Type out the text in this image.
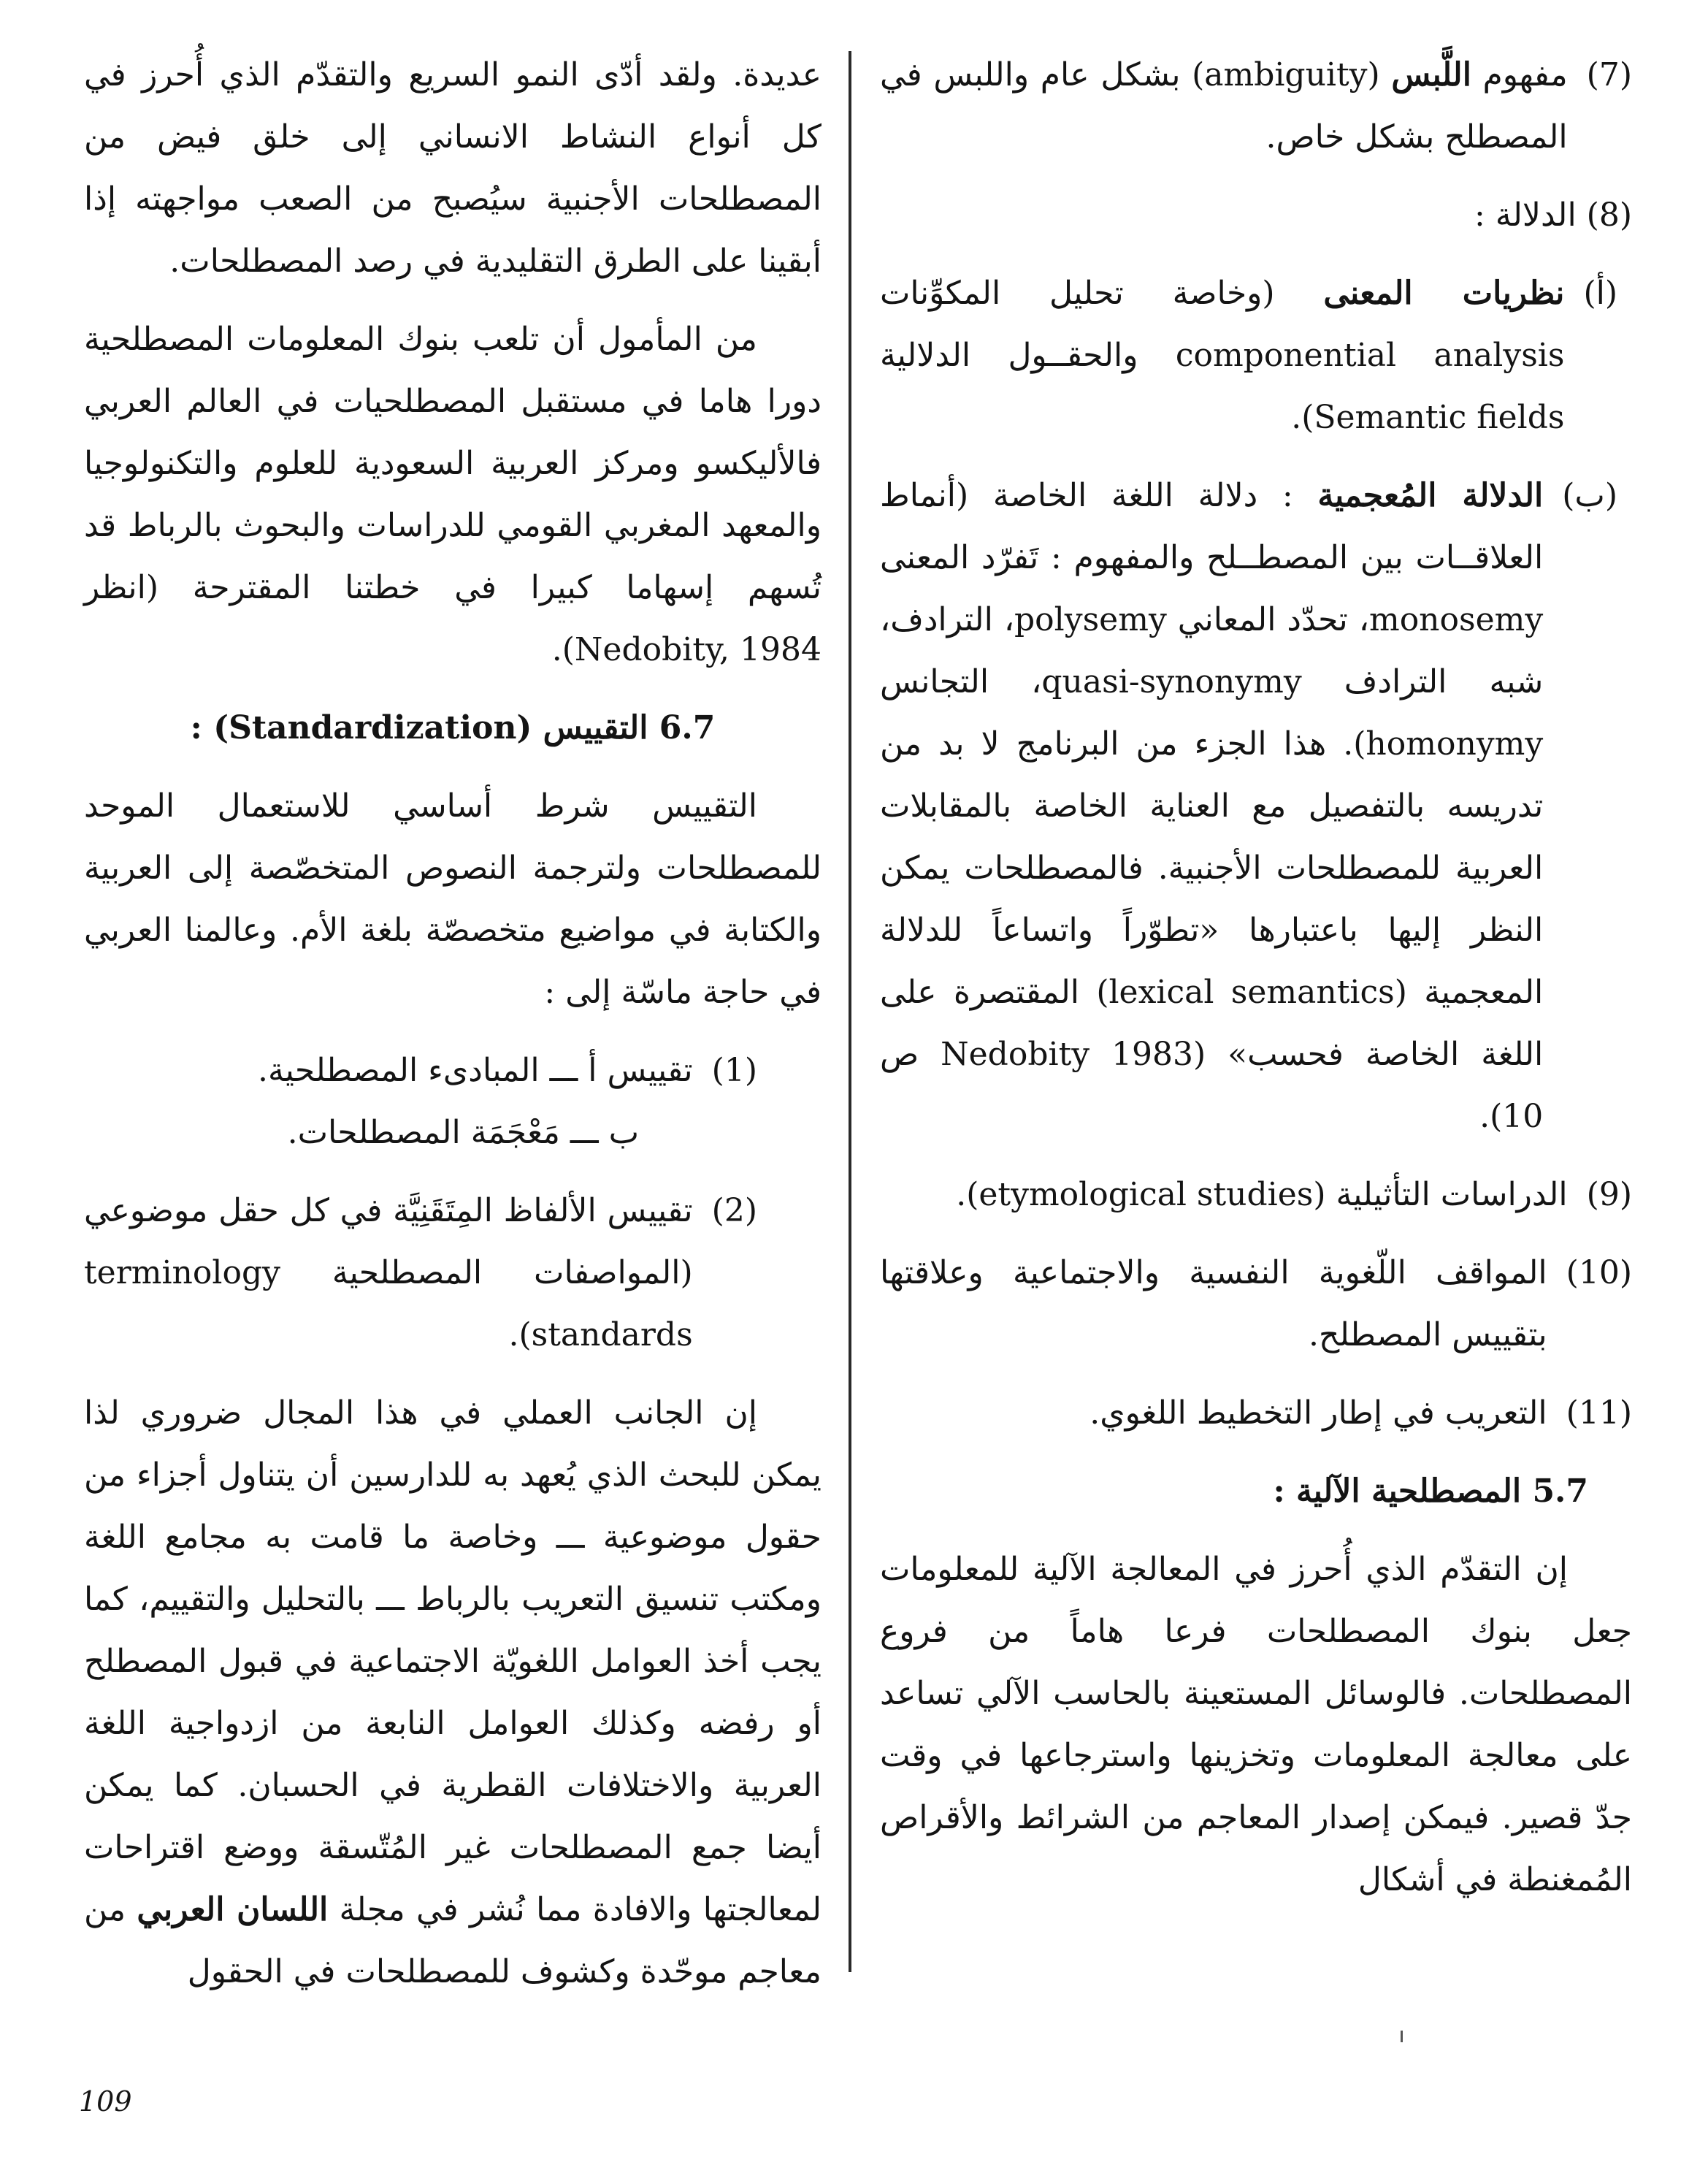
(7)
مفهوم اللَّبس (ambiguity) بشكل عام واللبس في المصطلح بشكل خاص.
(8) الدلالة :
(أ)
نظريات المعنى (وخاصة تحليل المكوِّنات componential analysis والحقــول الدلالية Semantic fields).
(ب)
الدلالة المُعجمية : دلالة اللغة الخاصة (أنماط العلاقــات بين المصطــلح والمفهوم : تَفرّد المعنى monosemy، تحدّد المعاني polysemy، الترادف، شبه الترادف quasi-synonymy، التجانس homonymy). هذا الجزء من البرنامج لا بد من تدريسه بالتفصيل مع العناية الخاصة بالمقابلات العربية للمصطلحات الأجنبية. فالمصطلحات يمكن النظر إليها باعتبارها «تطوّراً واتساعاً للدلالة المعجمية (lexical semantics) المقتصرة على اللغة الخاصة فحسب» (1983 Nedobity ص 10).
(9)
الدراسات التأثيلية (etymological studies).
(10)
المواقف اللّغوية النفسية والاجتماعية وعلاقتها بتقييس المصطلح.
(11)
التعريب في إطار التخطيط اللغوي.
5.7 المصطلحية الآلية :
إن التقدّم الذي أُحرز في المعالجة الآلية للمعلومات جعل بنوك المصطلحات فرعا هاماً من فروع المصطلحات. فالوسائل المستعينة بالحاسب الآلي تساعد على معالجة المعلومات وتخزينها واسترجاعها في وقت جدّ قصير. فيمكن إصدار المعاجم من الشرائط والأقراص المُمغنطة في أشكال
عديدة. ولقد أدّى النمو السريع والتقدّم الذي أُحرز في كل أنواع النشاط الانساني إلى خلق فيض من المصطلحات الأجنبية سيُصبح من الصعب مواجهته إذا أبقينا على الطرق التقليدية في رصد المصطلحات.
من المأمول أن تلعب بنوك المعلومات المصطلحية دورا هاما في مستقبل المصطلحيات في العالم العربي فالأليكسو ومركز العربية السعودية للعلوم والتكنولوجيا والمعهد المغربي القومي للدراسات والبحوث بالرباط قد تُسهم إسهاما كبيرا في خطتنا المقترحة (انظر Nedobity, 1984).
6.7 التقييس (Standardization) :
التقييس شرط أساسي للاستعمال الموحد للمصطلحات ولترجمة النصوص المتخصّصة إلى العربية والكتابة في مواضيع متخصصّة بلغة الأم. وعالمنا العربي في حاجة ماسّة إلى :
(1)
تقييس أ ـــ المبادىء المصطلحية.
ب ـــ مَعْجَمَة المصطلحات.
(2)
تقييس الألفاظ المِتَقَنِيَّة في كل حقل موضوعي (المواصفات المصطلحية terminology standards).
إن الجانب العملي في هذا المجال ضروري لذا يمكن للبحث الذي يُعهد به للدارسين أن يتناول أجزاء من حقول موضوعية ـــ وخاصة ما قامت به مجامع اللغة ومكتب تنسيق التعريب بالرباط ـــ بالتحليل والتقييم، كما يجب أخذ العوامل اللغويّة الاجتماعية في قبول المصطلح أو رفضه وكذلك العوامل النابعة من ازدواجية اللغة العربية والاختلافات القطرية في الحسبان. كما يمكن أيضا جمع المصطلحات غير المُتّسقة ووضع اقتراحات لمعالجتها والافادة مما نُشر في مجلة اللسان العربي من معاجم موحّدة وكشوف للمصطلحات في الحقول
109
